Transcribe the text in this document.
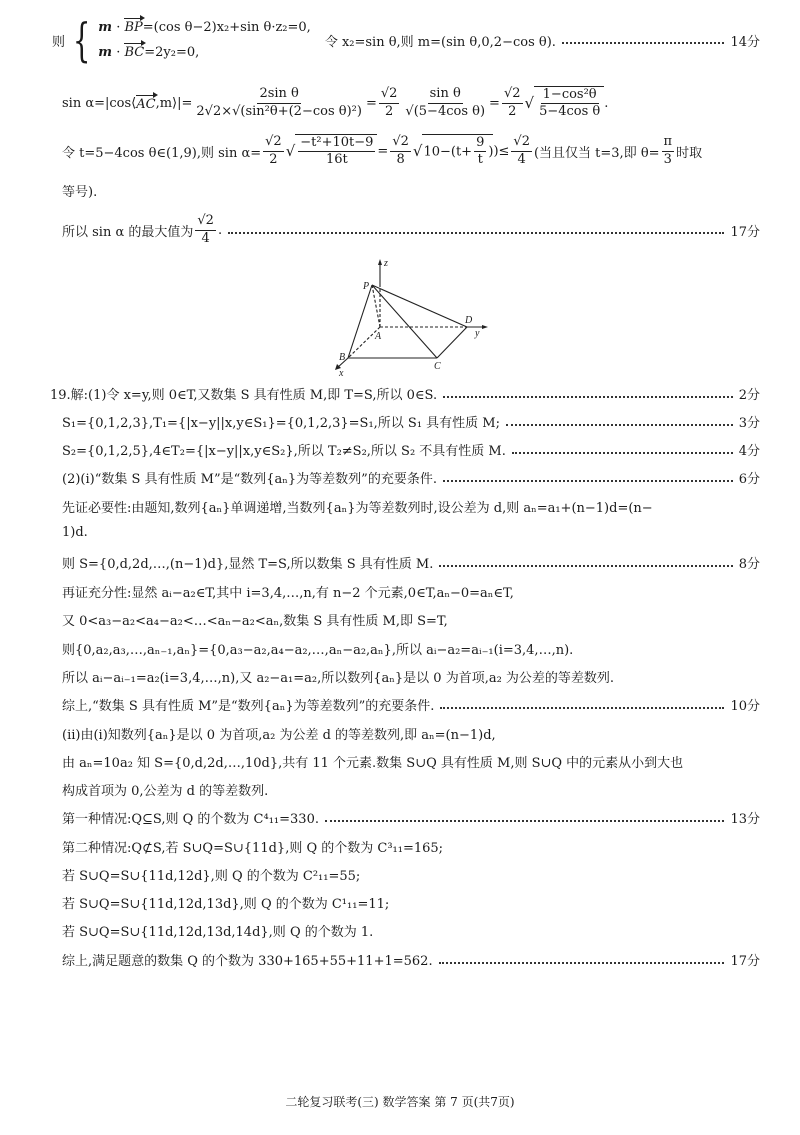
则 { m · BP=(cos θ−2)x₂+sin θ·z₂=0,
m · BC=2y₂=0,
令 x₂=sin θ,则 m=(sin θ,0,2−cos θ).	14分
sin α=|cos⟨ AC ,m⟩|= $\frac{\text{2sin θ}}{\text{2√2×√(sin²θ+(2−cos θ)²)}} = \frac{√2}{2} \frac{\text{sin θ}}{\text{√(5−4cos θ)}} = \frac{√2}{2}$ √ $\frac{\text{1−cos²θ}}{\text{5−4cos θ}}$ .
令 t=5−4cos θ∈(1,9),则 $\sin \alpha= \frac{√2}{2}$ √ $\frac{\text{−t²+10t−9}}{16t} = \frac{√2}{8}$ √ $10-(t+ \frac{9}{t}$ ) )≤ $\frac{√2}{4}$ (当且仅当 t=3,即 $\theta= \frac{\pi}{3}$ 时取
等号).
所以 sin α 的最大值为 $\frac{√2}{4}$ .	17分
z
P
A
B
C
D
y
x
19.解:(1)令 x=y,则 0∈T,又数集 S 具有性质 M,即 T=S,所以 0∈S.	2分
S₁={0,1,2,3},T₁={|x−y||x,y∈S₁}={0,1,2,3}=S₁,所以 S₁ 具有性质 M;	3分
S₂={0,1,2,5},4∈T₂={|x−y||x,y∈S₂},所以 T₂≠S₂,所以 S₂ 不具有性质 M.	4分
(2)(ⅰ)“数集 S 具有性质 M”是“数列{aₙ}为等差数列”的充要条件.	6分
先证必要性:由题知,数列{aₙ}单调递增,当数列{aₙ}为等差数列时,设公差为 d,则 aₙ=a₁+(n−1)d=(n−
1)d.
则 S={0,d,2d,…,(n−1)d},显然 T=S,所以数集 S 具有性质 M.	8分
再证充分性:显然 aᵢ−a₂∈T,其中 i=3,4,…,n,有 n−2 个元素,0∈T,aₙ−0=aₙ∈T,
又 0<a₃−a₂<a₄−a₂<…<aₙ−a₂<aₙ,数集 S 具有性质 M,即 S=T,
则{0,a₂,a₃,…,aₙ₋₁,aₙ}={0,a₃−a₂,a₄−a₂,…,aₙ−a₂,aₙ},所以 aᵢ−a₂=aᵢ₋₁(i=3,4,…,n).
所以 aᵢ−aᵢ₋₁=a₂(i=3,4,…,n),又 a₂−a₁=a₂,所以数列{aₙ}是以 0 为首项,a₂ 为公差的等差数列.
综上,“数集 S 具有性质 M”是“数列{aₙ}为等差数列”的充要条件.	10分
(ⅱ)由(ⅰ)知数列{aₙ}是以 0 为首项,a₂ 为公差 d 的等差数列,即 aₙ=(n−1)d,
由 aₙ=10a₂ 知 S={0,d,2d,…,10d},共有 11 个元素.数集 S∪Q 具有性质 M,则 S∪Q 中的元素从小到大也
构成首项为 0,公差为 d 的等差数列.
第一种情况:Q⊆S,则 Q 的个数为 C⁴₁₁=330.	13分
第二种情况:Q⊄S,若 S∪Q=S∪{11d},则 Q 的个数为 C³₁₁=165;
若 S∪Q=S∪{11d,12d},则 Q 的个数为 C²₁₁=55;
若 S∪Q=S∪{11d,12d,13d},则 Q 的个数为 C¹₁₁=11;
若 S∪Q=S∪{11d,12d,13d,14d},则 Q 的个数为 1.
综上,满足题意的数集 Q 的个数为 330+165+55+11+1=562.	17分
二轮复习联考(三) 数学答案 第 7 页(共7页)
